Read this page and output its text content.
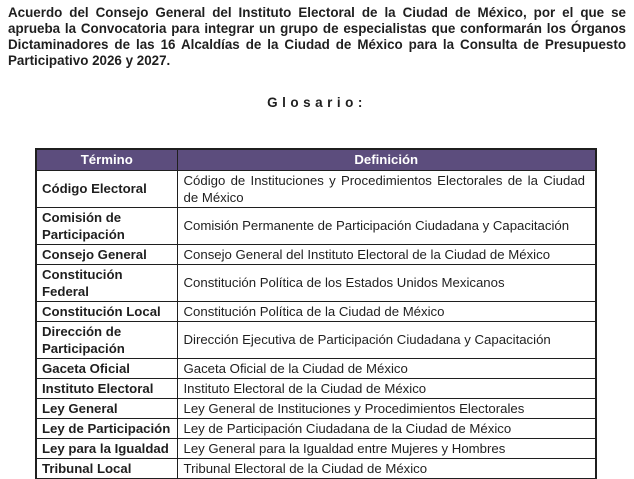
Acuerdo del Consejo General del Instituto Electoral de la Ciudad de México, por el que se aprueba la Convocatoria para integrar un grupo de especialistas que conformarán los Órganos Dictaminadores de las 16 Alcaldías de la Ciudad de México para la Consulta de Presupuesto Participativo 2026 y 2027.

Glosario:
Término	Definición
Código Electoral	Código de Instituciones y Procedimientos Electorales de la Ciudad de México
Comisión de Participación	Comisión Permanente de Participación Ciudadana y Capacitación
Consejo General	Consejo General del Instituto Electoral de la Ciudad de México
Constitución Federal	Constitución Política de los Estados Unidos Mexicanos
Constitución Local	Constitución Política de la Ciudad de México
Dirección de Participación	Dirección Ejecutiva de Participación Ciudadana y Capacitación
Gaceta Oficial	Gaceta Oficial de la Ciudad de México
Instituto Electoral	Instituto Electoral de la Ciudad de México
Ley General	Ley General de Instituciones y Procedimientos Electorales
Ley de Participación	Ley de Participación Ciudadana de la Ciudad de México
Ley para la Igualdad	Ley General para la Igualdad entre Mujeres y Hombres
Tribunal Local	Tribunal Electoral de la Ciudad de México
